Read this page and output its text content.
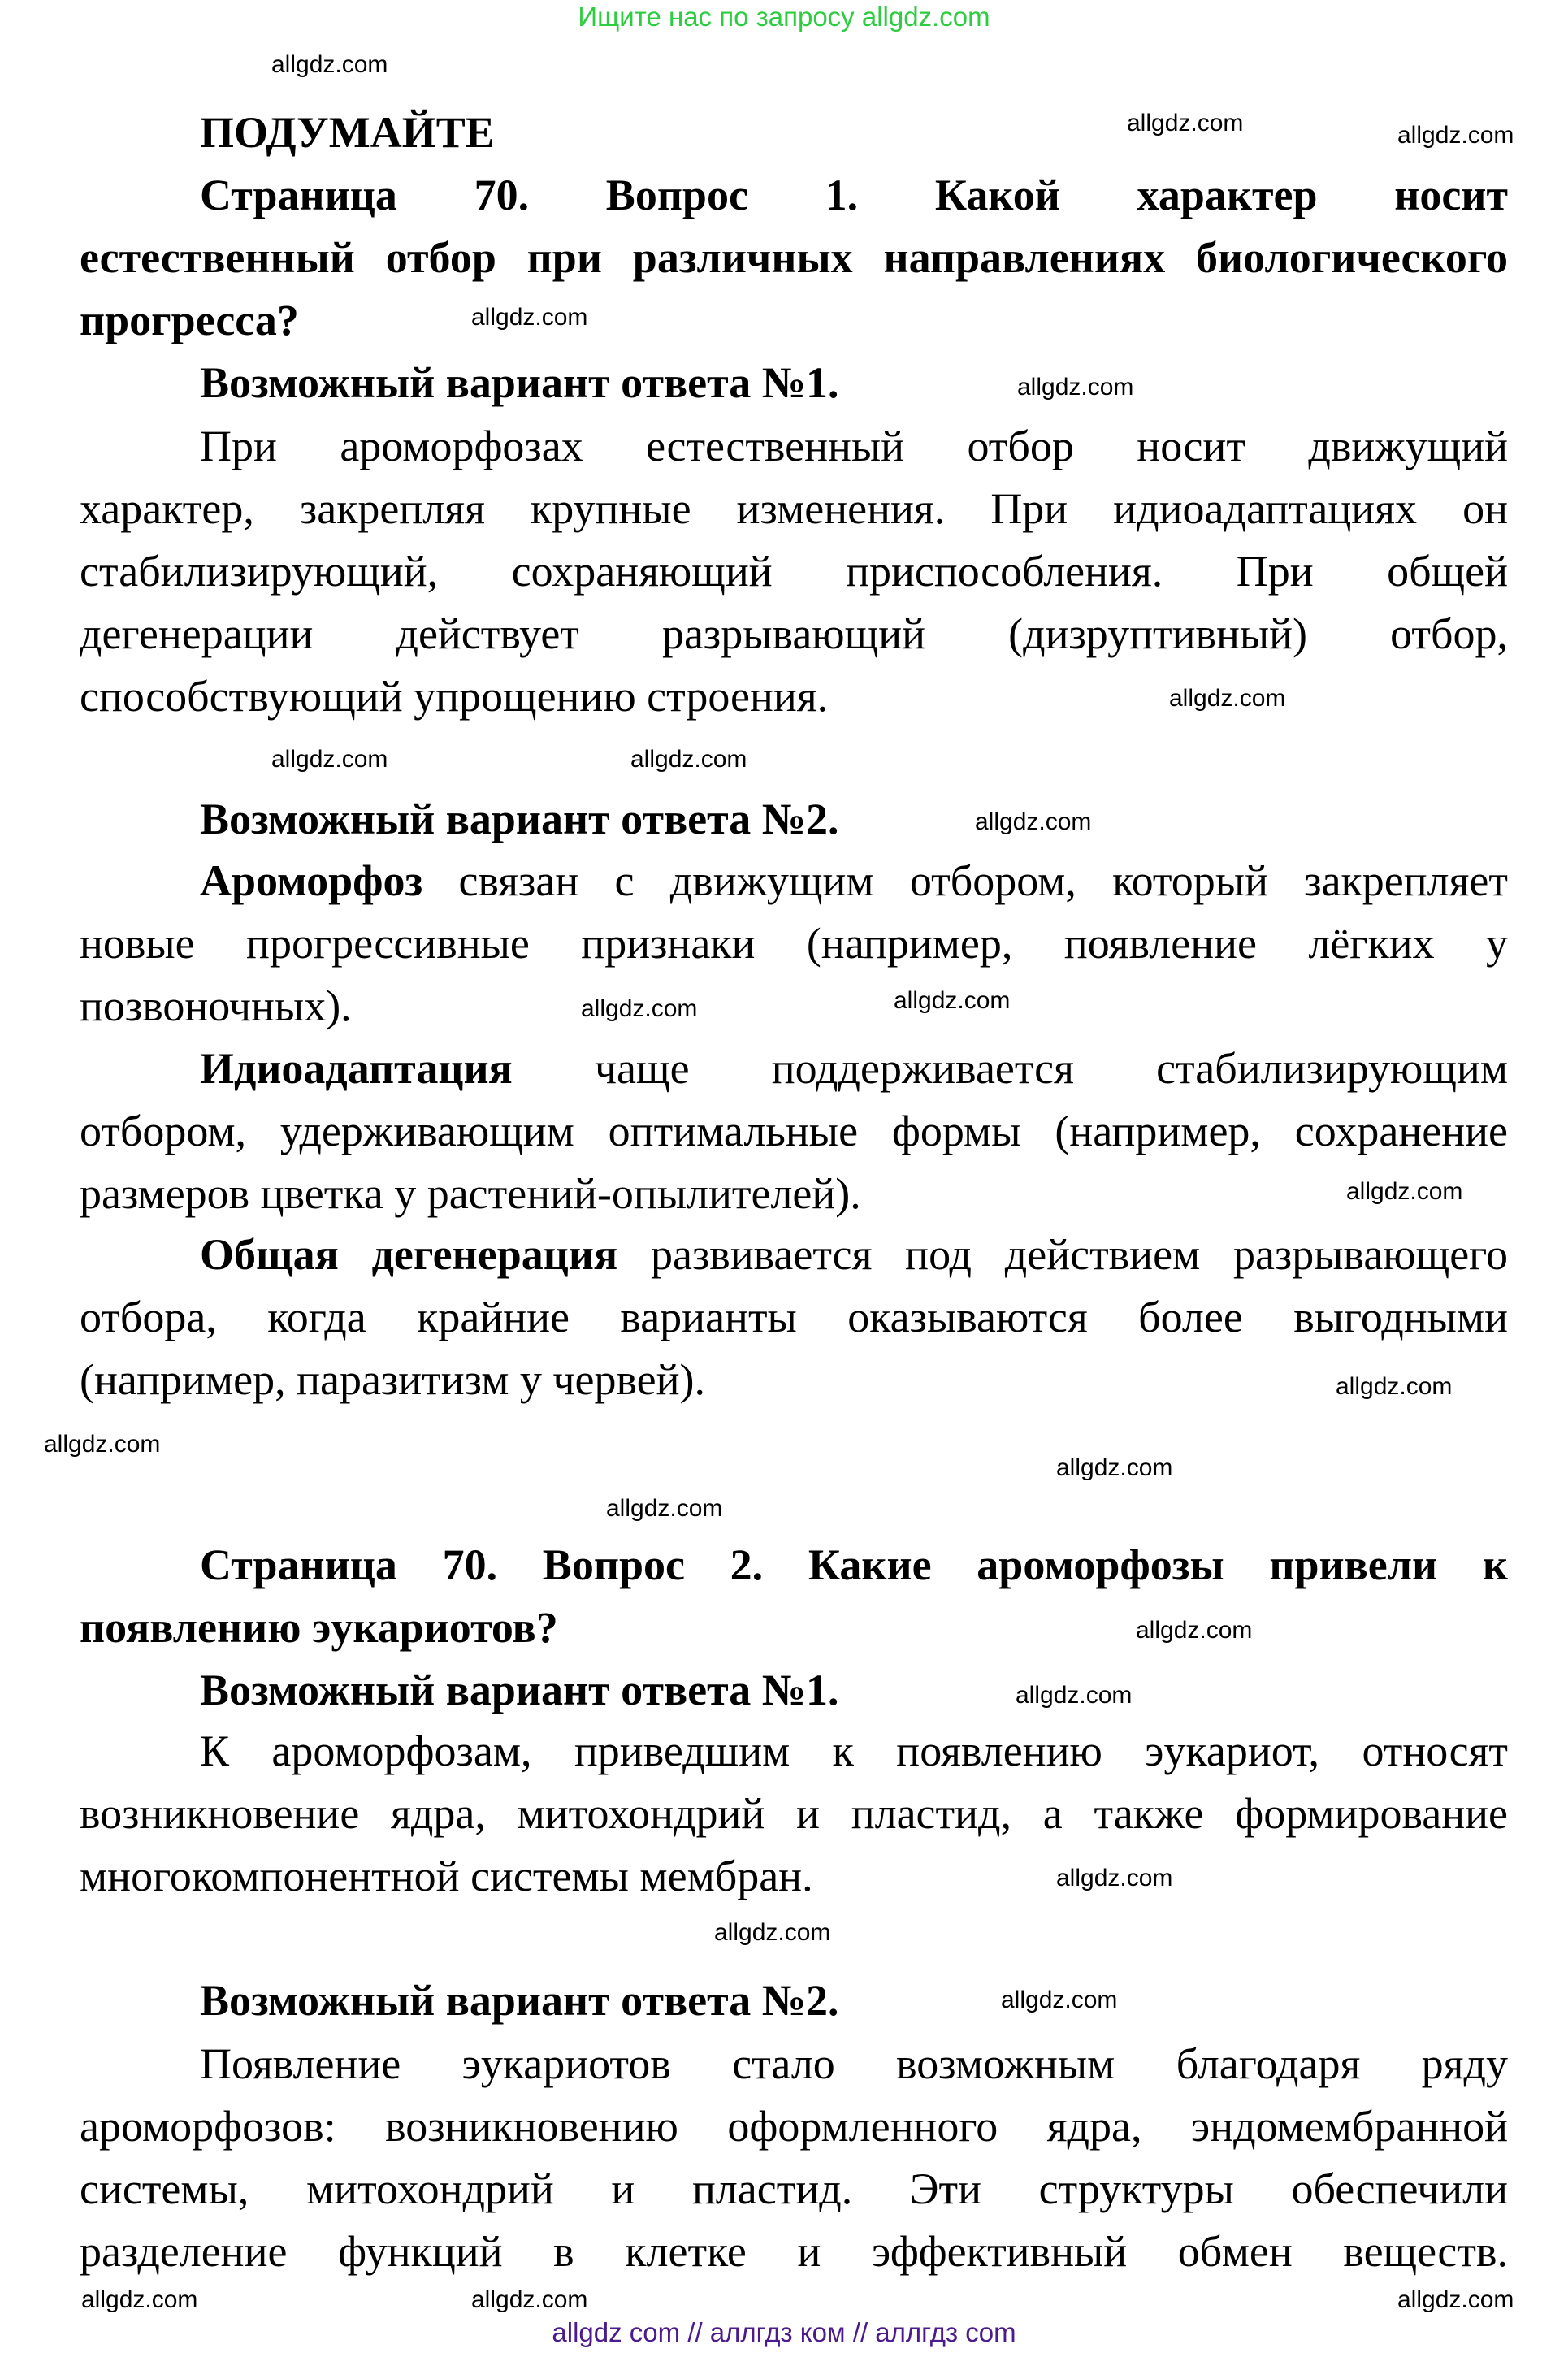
Ищите нас по запросу allgdz.com
ПОДУМАЙТЕ
Страница 70. Вопрос 1. Какой характер носит
естественный отбор при различных направлениях биологического
прогресса?
Возможный вариант ответа №1.
При ароморфозах естественный отбор носит движущий
характер, закрепляя крупные изменения. При идиоадаптациях он
стабилизирующий, сохраняющий приспособления. При общей
дегенерации действует разрывающий (дизруптивный) отбор,
способствующий упрощению строения.
Возможный вариант ответа №2.
Ароморфоз связан с движущим отбором, который закрепляет
новые прогрессивные признаки (например, появление лёгких у
позвоночных).
Идиоадаптация чаще поддерживается стабилизирующим
отбором, удерживающим оптимальные формы (например, сохранение
размеров цветка у растений-опылителей).
Общая дегенерация развивается под действием разрывающего
отбора, когда крайние варианты оказываются более выгодными
(например, паразитизм у червей).
Страница 70. Вопрос 2. Какие ароморфозы привели к
появлению эукариотов?
Возможный вариант ответа №1.
К ароморфозам, приведшим к появлению эукариот, относят
возникновение ядра, митохондрий и пластид, а также формирование
многокомпонентной системы мембран.
Возможный вариант ответа №2.
Появление эукариотов стало возможным благодаря ряду
ароморфозов: возникновению оформленного ядра, эндомембранной
системы, митохондрий и пластид. Эти структуры обеспечили
разделение функций в клетке и эффективный обмен веществ.
allgdz.com
allgdz.com	allgdz.com
allgdz.com
allgdz.com
allgdz.com
allgdz.com
allgdz.com
allgdz.com
allgdz.com
allgdz.com
allgdz.com
allgdz.com
allgdz.com
allgdz.com
allgdz.com
allgdz.com
allgdz.com
allgdz.com
allgdz.com
allgdz.com
allgdz.com	allgdz.com
allgdz.com
allgdz com // аллгдз ком // аллгдз com
